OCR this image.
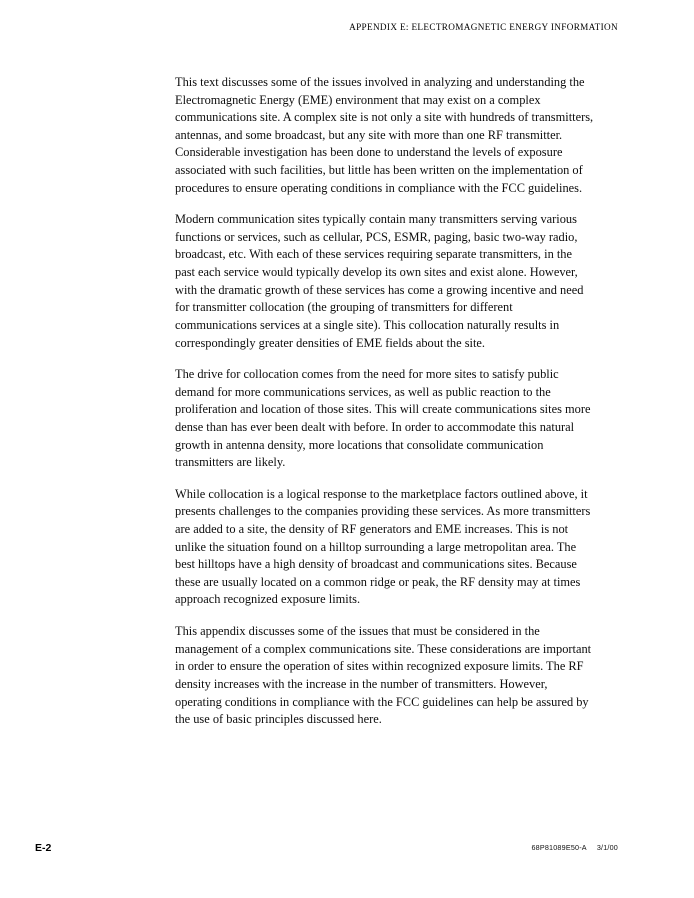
APPENDIX E: ELECTROMAGNETIC ENERGY INFORMATION

This text discusses some of the issues involved in analyzing and understanding the Electromagnetic Energy (EME) environment that may exist on a complex communications site. A complex site is not only a site with hundreds of transmitters, antennas, and some broadcast, but any site with more than one RF transmitter. Considerable investigation has been done to understand the levels of exposure associated with such facilities, but little has been written on the implementation of procedures to ensure operating conditions in compliance with the FCC guidelines.

Modern communication sites typically contain many transmitters serving various functions or services, such as cellular, PCS, ESMR, paging, basic two-way radio, broadcast, etc. With each of these services requiring separate transmitters, in the past each service would typically develop its own sites and exist alone. However, with the dramatic growth of these services has come a growing incentive and need for transmitter collocation (the grouping of transmitters for different communications services at a single site). This collocation naturally results in correspondingly greater densities of EME fields about the site.

The drive for collocation comes from the need for more sites to satisfy public demand for more communications services, as well as public reaction to the proliferation and location of those sites. This will create communications sites more dense than has ever been dealt with before. In order to accommodate this natural growth in antenna density, more locations that consolidate communication transmitters are likely.

While collocation is a logical response to the marketplace factors outlined above, it presents challenges to the companies providing these services. As more transmitters are added to a site, the density of RF generators and EME increases. This is not unlike the situation found on a hilltop surrounding a large metropolitan area. The best hilltops have a high density of broadcast and communications sites. Because these are usually located on a common ridge or peak, the RF density may at times approach recognized exposure limits.

This appendix discusses some of the issues that must be considered in the management of a complex communications site. These considerations are important in order to ensure the operation of sites within recognized exposure limits. The RF density increases with the increase in the number of transmitters. However, operating conditions in compliance with the FCC guidelines can help be assured by the use of basic principles discussed here.

E-2	68P81089E50-A 3/1/00
